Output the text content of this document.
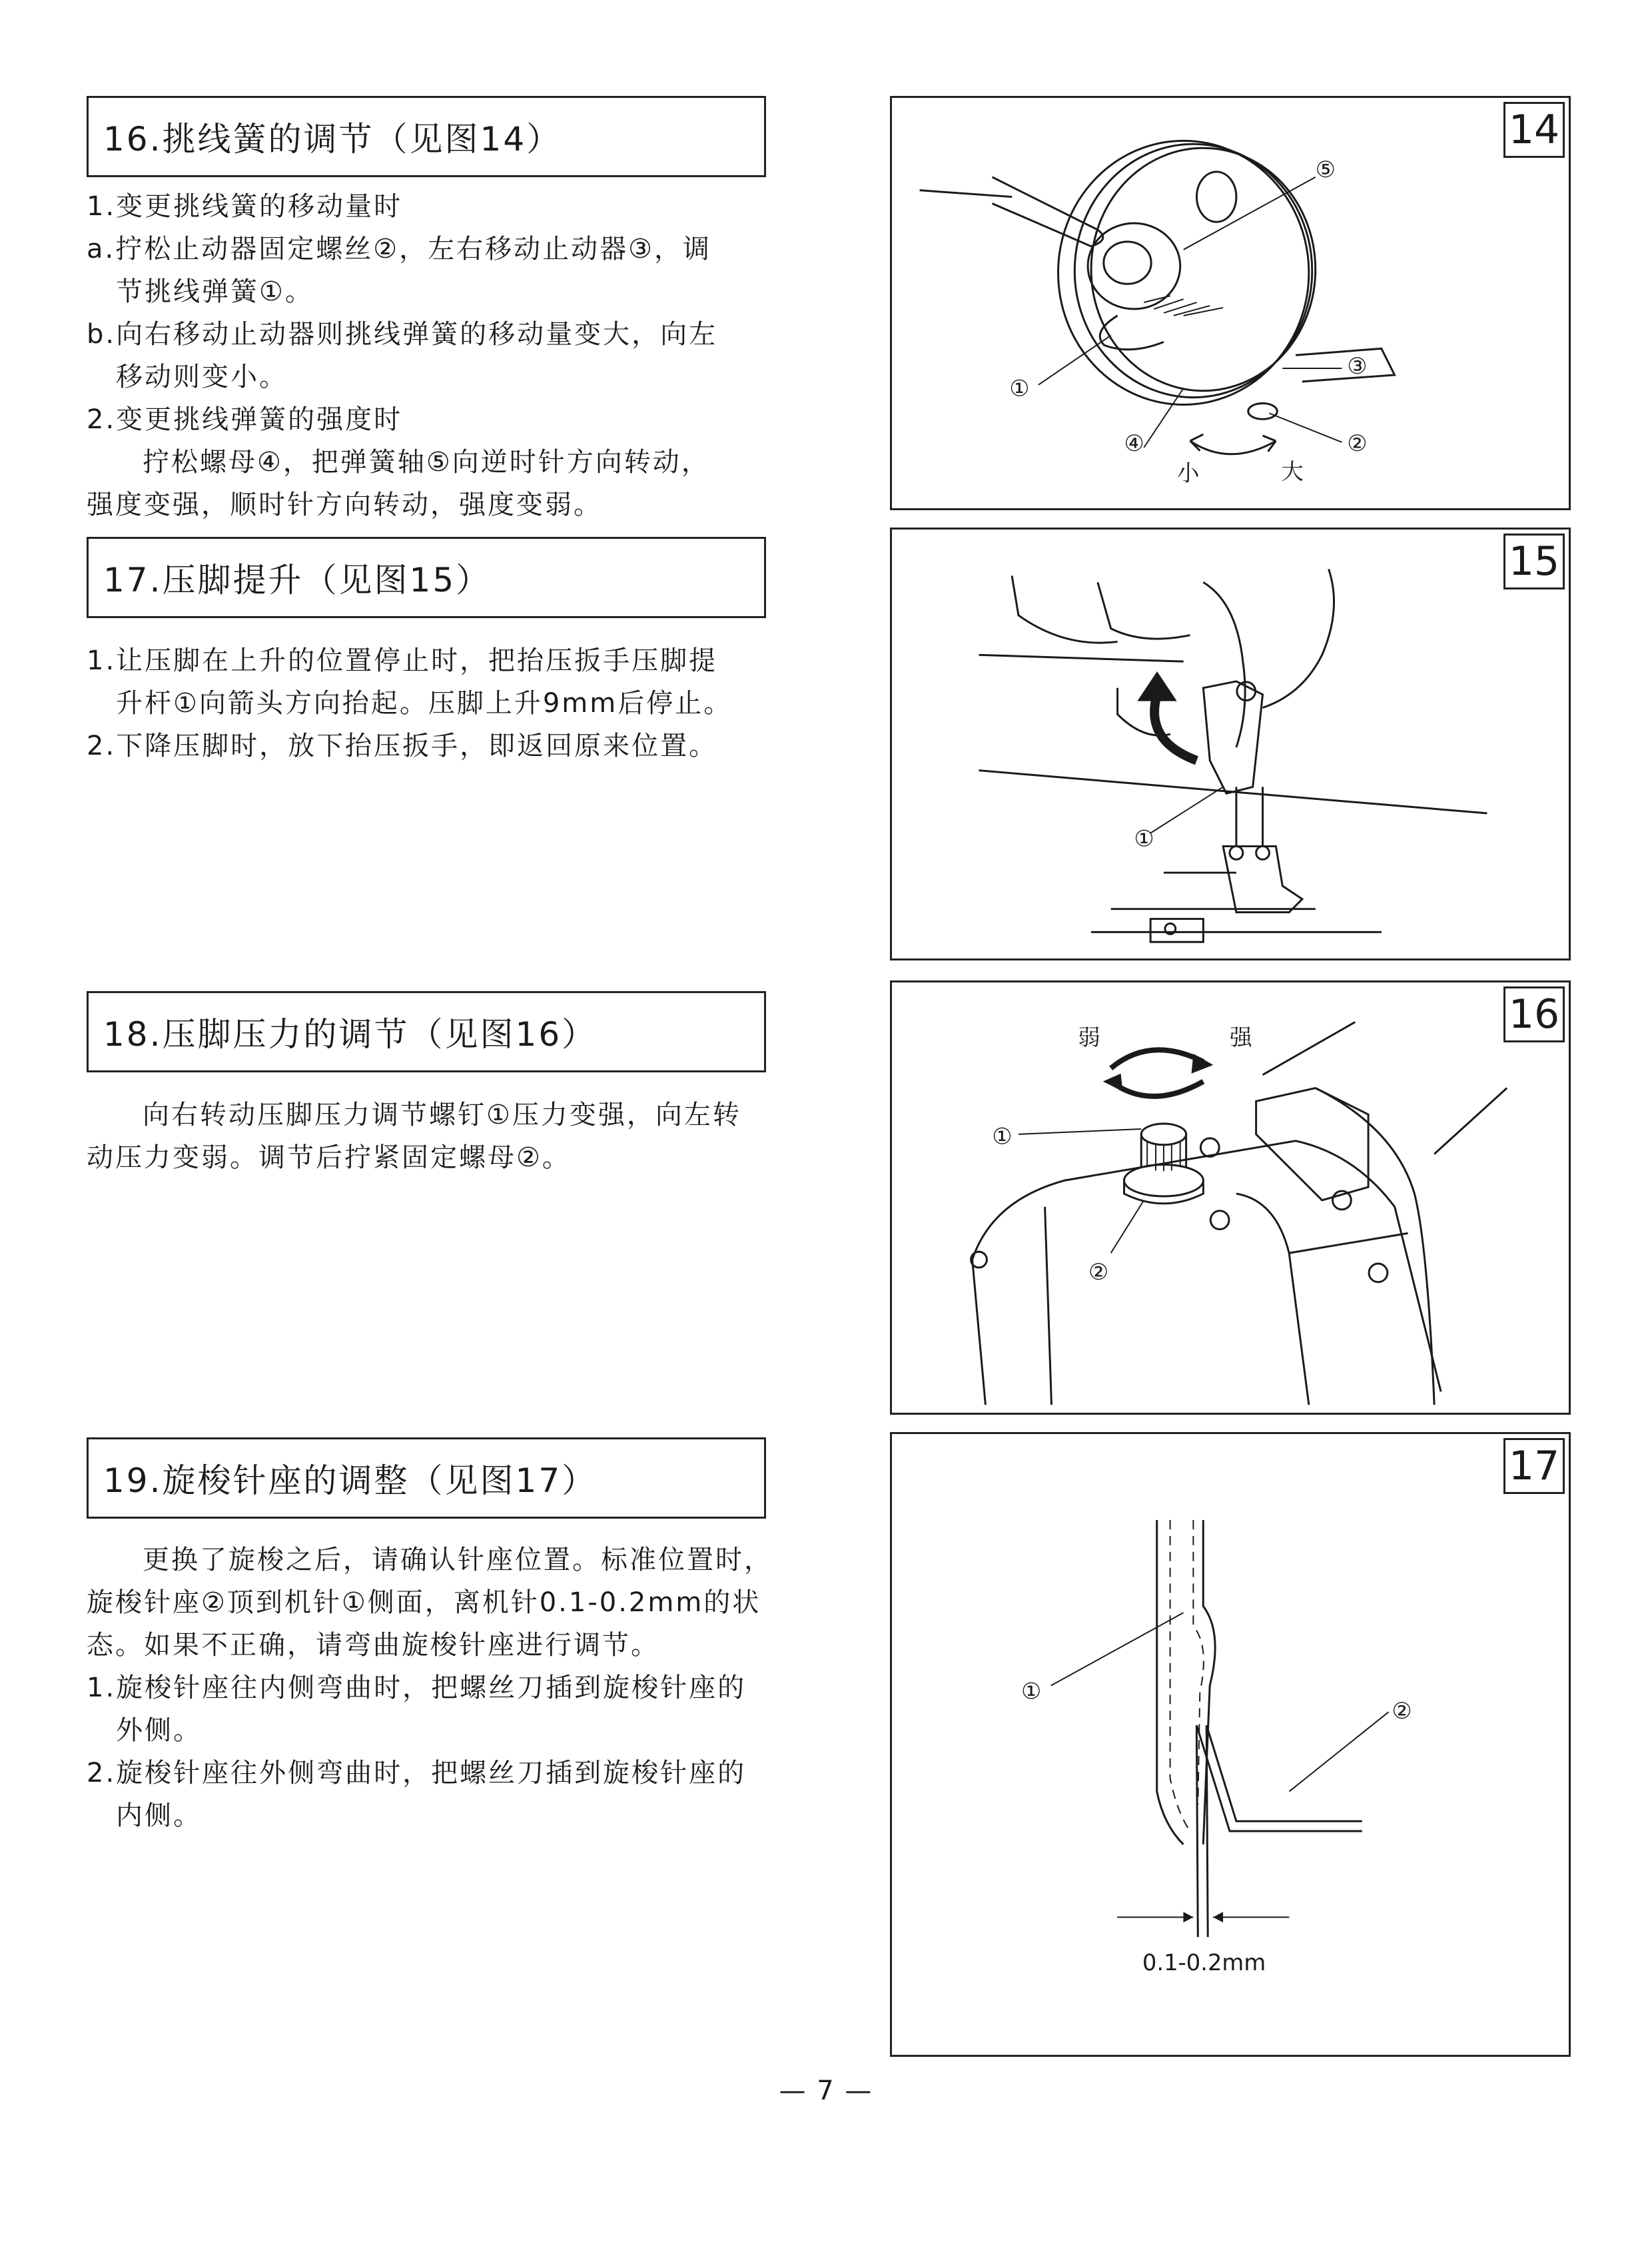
16.挑线簧的调节（见图14）
1.变更挑线簧的移动量时
a.拧松止动器固定螺丝②，左右移动止动器③，调
节挑线弹簧①。
b.向右移动止动器则挑线弹簧的移动量变大，向左
移动则变小。
2.变更挑线弹簧的强度时
拧松螺母④，把弹簧轴⑤向逆时针方向转动，
强度变强，顺时针方向转动，强度变弱。
17.压脚提升（见图15）
1.让压脚在上升的位置停止时，把抬压扳手压脚提
升杆①向箭头方向抬起。压脚上升9mm后停止。
2.下降压脚时，放下抬压扳手，即返回原来位置。
18.压脚压力的调节（见图16）
向右转动压脚压力调节螺钉①压力变强，向左转
动压力变弱。调节后拧紧固定螺母②。
19.旋梭针座的调整（见图17）
更换了旋梭之后，请确认针座位置。标准位置时，
旋梭针座②顶到机针①侧面，离机针0.1-0.2mm的状
态。如果不正确，请弯曲旋梭针座进行调节。
1.旋梭针座往内侧弯曲时，把螺丝刀插到旋梭针座的
外侧。
2.旋梭针座往外侧弯曲时，把螺丝刀插到旋梭针座的
内侧。
①
⑤
③
②
④
小	大
14
①
15
弱	强
①
②
16
0.1-0.2mm
①
②
17
— 7 —
